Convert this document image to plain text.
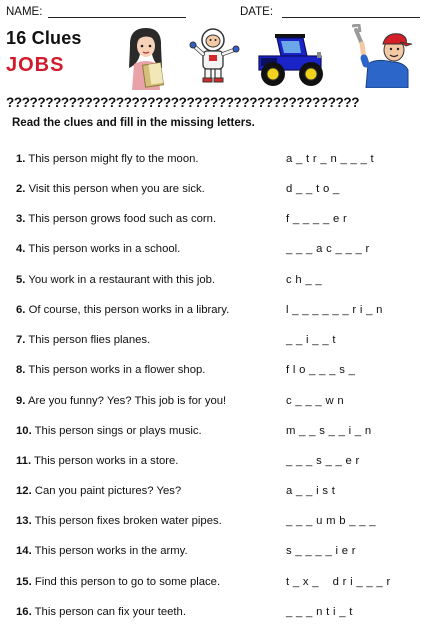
NAME:	DATE:
16 Clues
JOBS
?????????????????????????????????????????????
Read the clues and fill in the missing letters.
1. This person might fly to the moon.	a _ t r _ n _ _ _ t
2. Visit this person when you are sick.	d _ _ t o _
3. This person grows food such as corn.	f _ _ _ _ e r
4. This person works in a school.	_ _ _ a c _ _ _ r
5. You work in a restaurant with this job.	c h _ _
6. Of course, this person works in a library.	l _ _ _ _ _ _ r i _ n
7. This person flies planes.	_ _ i _ _ t
8. This person works in a flower shop.	f l o _ _ _ s _
9. Are you funny? Yes? This job is for you!	c _ _ _ w n
10. This person sings or plays music.	m _ _ s _ _ i _ n
11. This person works in a store.	_ _ _ s _ _ e r
12. Can you paint pictures? Yes?	a _ _ i s t
13. This person fixes broken water pipes.	_ _ _ u m b _ _ _
14. This person works in the army.	s _ _ _ _ i e r
15. Find this person to go to some place.	t _ x _    d r i _ _ _ r
16. This person can fix your teeth.	_ _ _ n t i _ t
